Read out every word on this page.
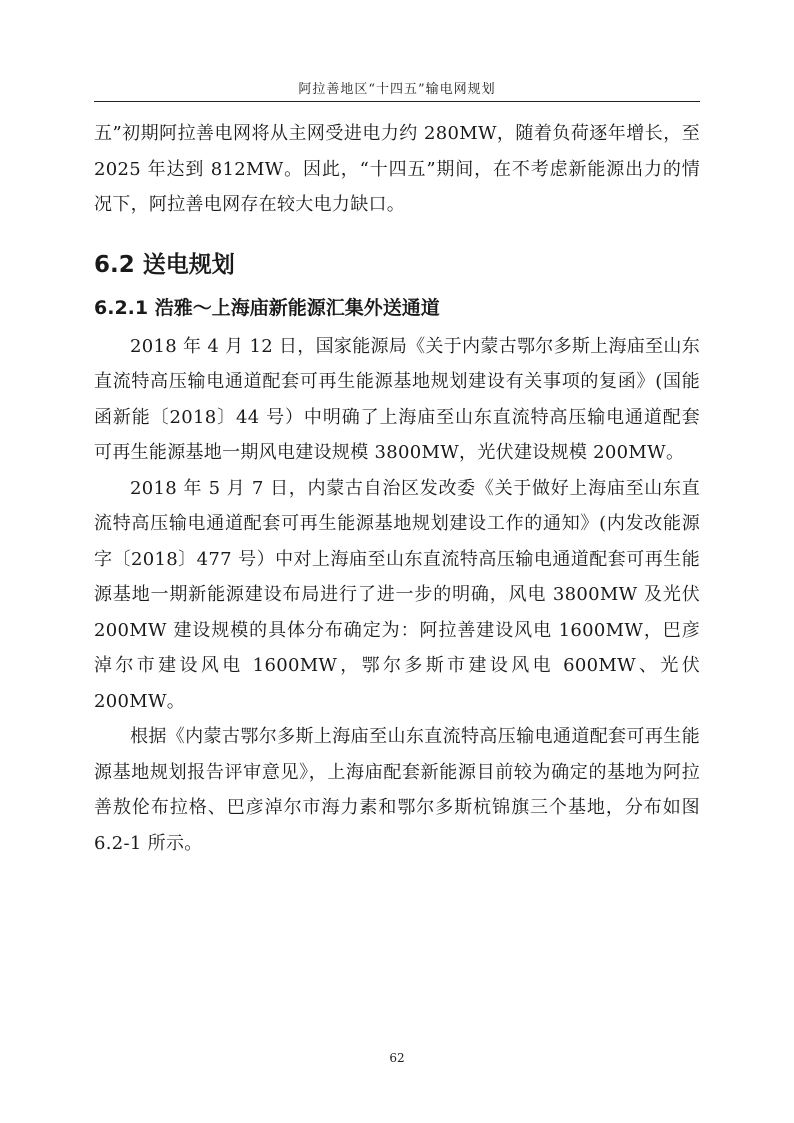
阿拉善地区“十四五”输电网规划

五”初期阿拉善电网将从主网受进电力约 280MW，随着负荷逐年增长，至 2025 年达到 812MW。因此，“十四五”期间，在不考虑新能源出力的情况下，阿拉善电网存在较大电力缺口。

6.2 送电规划
6.2.1 浩雅～上海庙新能源汇集外送通道

2018 年 4 月 12 日，国家能源局《关于内蒙古鄂尔多斯上海庙至山东直流特高压输电通道配套可再生能源基地规划建设有关事项的复函》(国能函新能〔2018〕44 号）中明确了上海庙至山东直流特高压输电通道配套可再生能源基地一期风电建设规模 3800MW，光伏建设规模 200MW。

2018 年 5 月 7 日，内蒙古自治区发改委《关于做好上海庙至山东直流特高压输电通道配套可再生能源基地规划建设工作的通知》(内发改能源字〔2018〕477 号）中对上海庙至山东直流特高压输电通道配套可再生能源基地一期新能源建设布局进行了进一步的明确，风电 3800MW 及光伏 200MW 建设规模的具体分布确定为：阿拉善建设风电 1600MW，巴彦淖尔市建设风电 1600MW，鄂尔多斯市建设风电 600MW、光伏 200MW。

根据《内蒙古鄂尔多斯上海庙至山东直流特高压输电通道配套可再生能源基地规划报告评审意见》，上海庙配套新能源目前较为确定的基地为阿拉善敖伦布拉格、巴彦淖尔市海力素和鄂尔多斯杭锦旗三个基地，分布如图 6.2-1 所示。

62
